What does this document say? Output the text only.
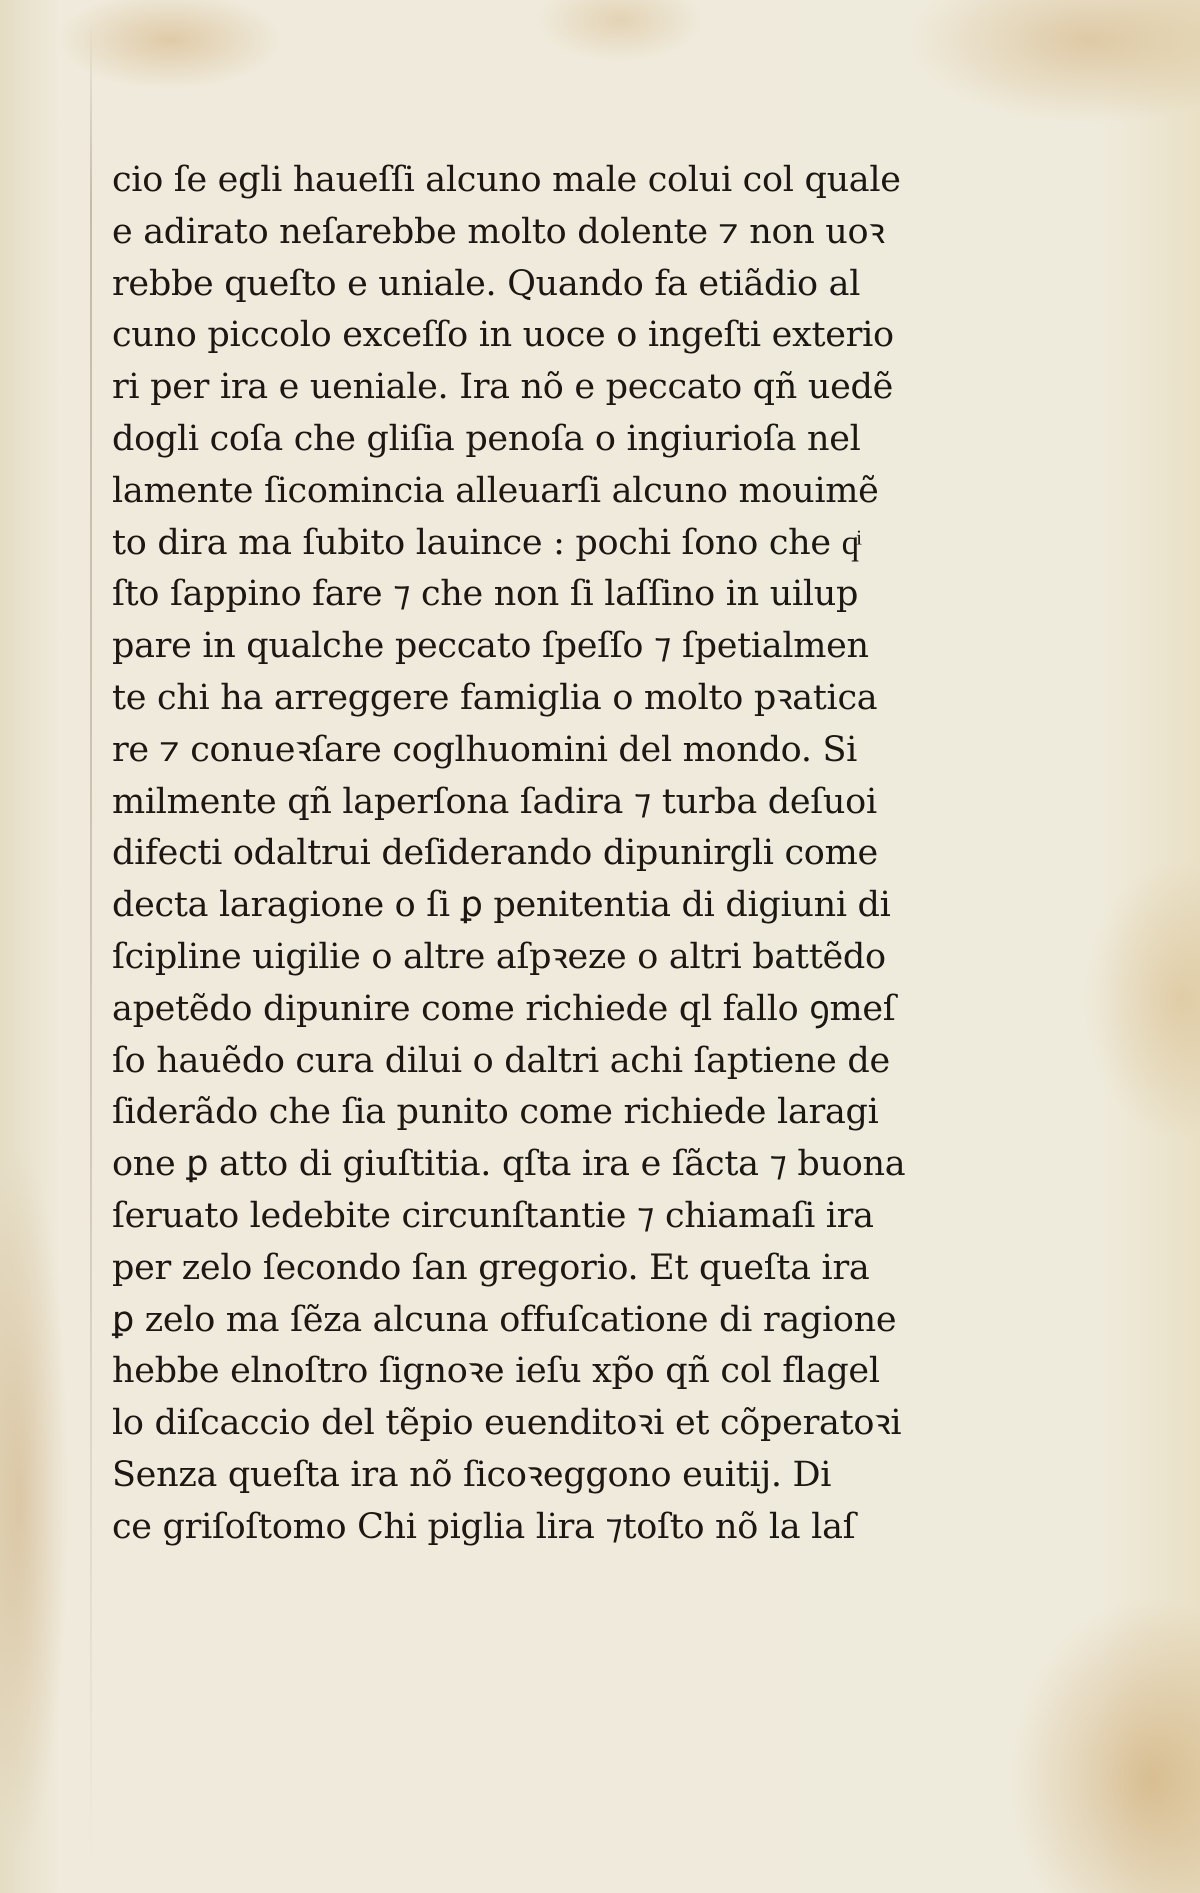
cio ſe egli haueſſi alcuno male colui col quale
e adirato neſarebbe molto dolente ⁊ non uoꝛ
rebbe queſto e uniale. Quando fa etiãdio al
cuno piccolo exceſſo in uoce o ingeſti exterio
ri per ira e ueniale. Ira nõ e peccato qñ uedẽ
dogli coſa che gliſia penoſa o ingiurioſa nel
lamente ſicomincia alleuarſi alcuno mouimẽ
to dira ma ſubito lauince : pochi ſono che qͥ
ſto ſappino fare ⁊ che non ſi laſſino in uilup
pare in qualche peccato ſpeſſo ⁊ ſpetialmen
te chi ha arreggere famiglia o molto pꝛatica
re ⁊ conueꝛſare coglhuomini del mondo. Si
milmente qñ laperſona ſadira ⁊ turba deſuoi
difecti odaltrui deſiderando dipunirgli come
decta laragione o ſi ꝑ penitentia di digiuni di
ſcipline uigilie o altre aſpꝛeze o altri battẽdo
apetẽdo dipunire come richiede ql fallo ꝯmeſ
ſo hauẽdo cura dilui o daltri achi ſaptiene de
ſiderãdo che ſia punito come richiede laragi
one ꝑ atto di giuſtitia. qſta ira e ſãcta ⁊ buona
ſeruato ledebite circunſtantie ⁊ chiamaſi ira
per zelo ſecondo ſan gregorio. Et queſta ira
ꝑ zelo ma ſẽza alcuna offuſcatione di ragione
hebbe elnoſtro ſignoꝛe ieſu xp̃o qñ col flagel
lo diſcaccio del tẽpio euenditoꝛi et cõperatoꝛi
Senza queſta ira nõ ſicoꝛeggono euitij. Di
ce griſoſtomo Chi piglia lira ⁊toſto nõ la laſ
